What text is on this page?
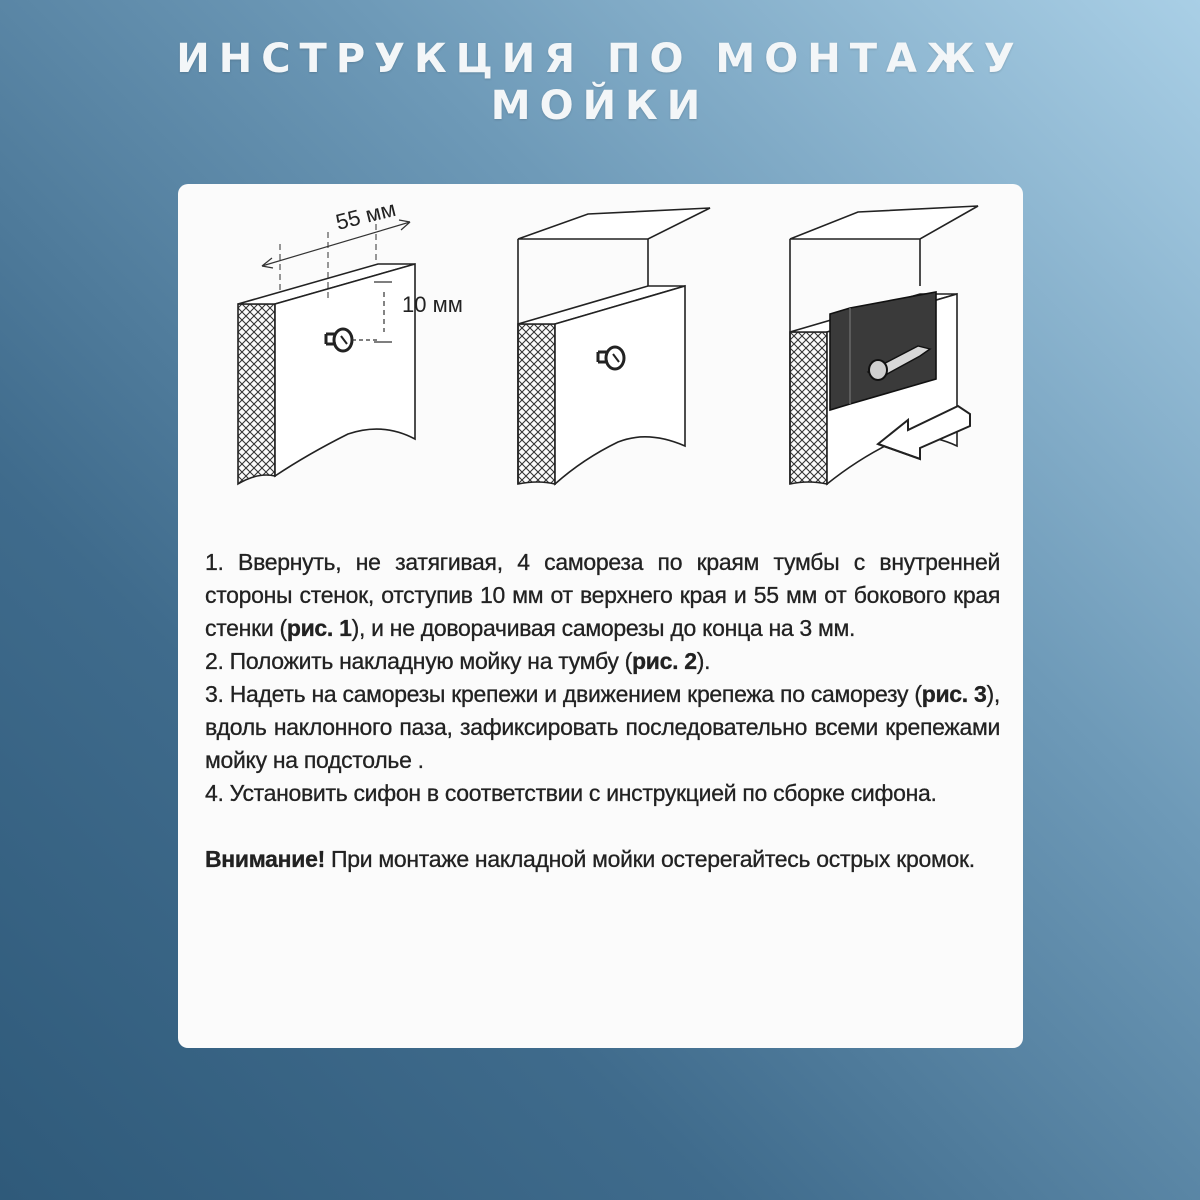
ИНСТРУКЦИЯ ПО МОНТАЖУ
МОЙКИ
55 мм
10 мм

1. Ввернуть, не затягивая, 4 самореза по краям тумбы с внутренней стороны стенок, отступив 10 мм от верхнего края и 55 мм от бокового края стенки (рис. 1), и не доворачивая саморезы до конца на 3 мм.

2. Положить накладную мойку на тумбу (рис. 2).

3. Надеть на саморезы крепежи и движением крепежа по саморезу (рис. 3), вдоль наклонного паза, зафиксировать последовательно всеми крепежами мойку на подстолье .

4. Установить сифон в соответствии с инструкцией по сборке сифона.

Внимание! При монтаже накладной мойки остерегайтесь острых кромок.
